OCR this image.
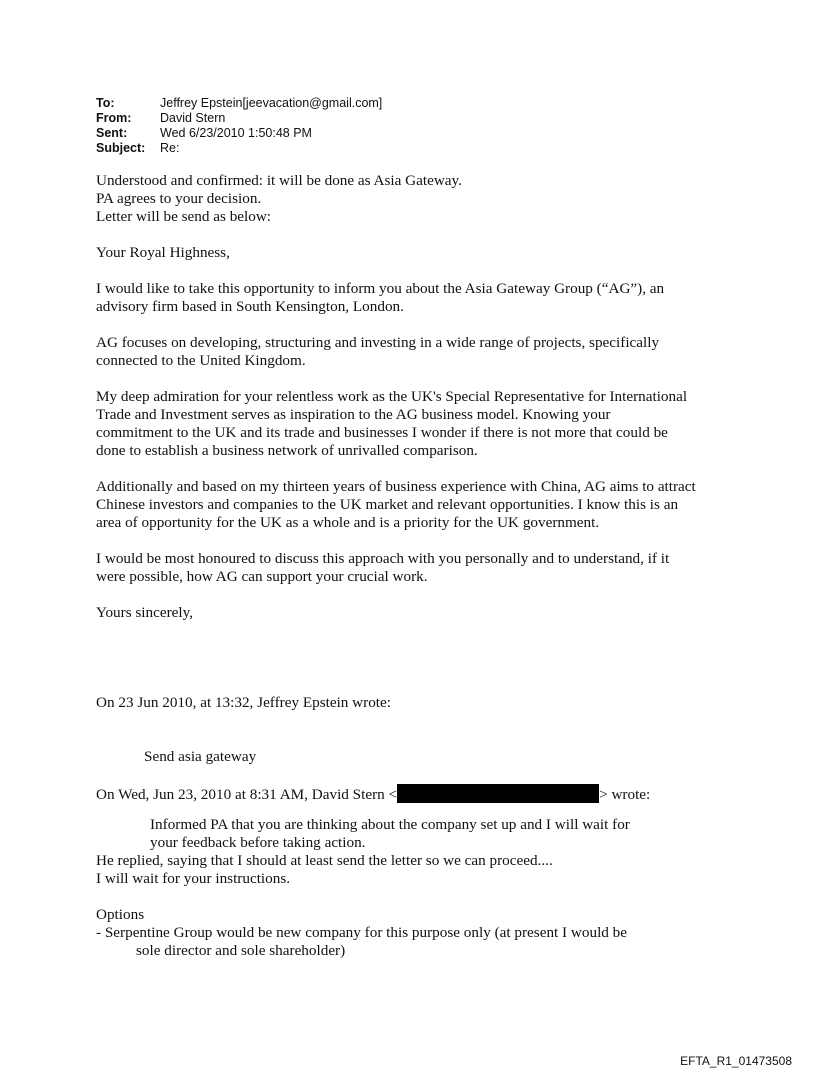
To:	Jeffrey Epstein[jeevacation@gmail.com]
From:	David Stern
Sent:	Wed 6/23/2010 1:50:48 PM
Subject:	Re:
Understood and confirmed: it will be done as Asia Gateway.
PA agrees to your decision.
Letter will be send as below:
Your Royal Highness,
I would like to take this opportunity to inform you about the Asia Gateway Group (“AG”), an
advisory firm based in South Kensington, London.
AG focuses on developing, structuring and investing in a wide range of projects, specifically
connected to the United Kingdom.
My deep admiration for your relentless work as the UK's Special Representative for International
Trade and Investment serves as inspiration to the AG business model. Knowing your
commitment to the UK and its trade and businesses I wonder if there is not more that could be
done to establish a business network of unrivalled comparison.
Additionally and based on my thirteen years of business experience with China, AG aims to attract
Chinese investors and companies to the UK market and relevant opportunities. I know this is an
area of opportunity for the UK as a whole and is a priority for the UK government.
I would be most honoured to discuss this approach with you personally and to understand, if it
were possible, how AG can support your crucial work.
Yours sincerely,
On 23 Jun 2010, at 13:32, Jeffrey Epstein wrote:
Send asia gateway
On Wed, Jun 23, 2010 at 8:31 AM, David Stern <	> wrote:
Informed PA that you are thinking about the company set up and I will wait for
your feedback before taking action.
He replied, saying that I should at least send the letter so we can proceed....
I will wait for your instructions.
Options
- Serpentine Group would be new company for this purpose only (at present I would be
sole director and sole shareholder)
EFTA_R1_01473508
